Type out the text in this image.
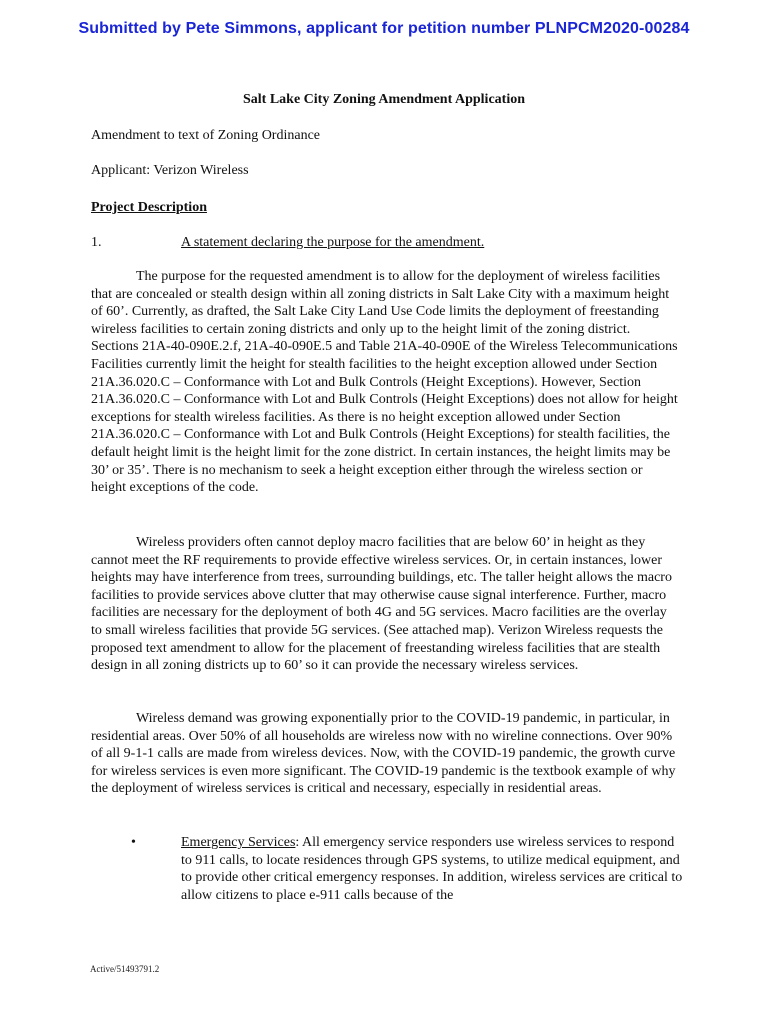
Submitted by Pete Simmons, applicant for petition number PLNPCM2020-00284
Salt Lake City Zoning Amendment Application
Amendment to text of Zoning Ordinance
Applicant: Verizon Wireless
Project Description
1.	A statement declaring the purpose for the amendment.

The purpose for the requested amendment is to allow for the deployment of wireless facilities that are concealed or stealth design within all zoning districts in Salt Lake City with a maximum height of 60’. Currently, as drafted, the Salt Lake City Land Use Code limits the deployment of freestanding wireless facilities to certain zoning districts and only up to the height limit of the zoning district. Sections 21A-40-090E.2.f, 21A-40-090E.5 and Table 21A-40-090E of the Wireless Telecommunications Facilities currently limit the height for stealth facilities to the height exception allowed under Section 21A.36.020.C – Conformance with Lot and Bulk Controls (Height Exceptions). However, Section 21A.36.020.C – Conformance with Lot and Bulk Controls (Height Exceptions) does not allow for height exceptions for stealth wireless facilities. As there is no height exception allowed under Section 21A.36.020.C – Conformance with Lot and Bulk Controls (Height Exceptions) for stealth facilities, the default height limit is the height limit for the zone district. In certain instances, the height limits may be 30’ or 35’. There is no mechanism to seek a height exception either through the wireless section or height exceptions of the code.

Wireless providers often cannot deploy macro facilities that are below 60’ in height as they cannot meet the RF requirements to provide effective wireless services. Or, in certain instances, lower heights may have interference from trees, surrounding buildings, etc. The taller height allows the macro facilities to provide services above clutter that may otherwise cause signal interference. Further, macro facilities are necessary for the deployment of both 4G and 5G services. Macro facilities are the overlay to small wireless facilities that provide 5G services. (See attached map). Verizon Wireless requests the proposed text amendment to allow for the placement of freestanding wireless facilities that are stealth design in all zoning districts up to 60’ so it can provide the necessary wireless services.

Wireless demand was growing exponentially prior to the COVID-19 pandemic, in particular, in residential areas. Over 50% of all households are wireless now with no wireline connections. Over 90% of all 9-1-1 calls are made from wireless devices. Now, with the COVID-19 pandemic, the growth curve for wireless services is even more significant. The COVID-19 pandemic is the textbook example of why the deployment of wireless services is critical and necessary, especially in residential areas.

•	Emergency Services: All emergency service responders use wireless services to respond to 911 calls, to locate residences through GPS systems, to utilize medical equipment, and to provide other critical emergency responses. In addition, wireless services are critical to allow citizens to place e-911 calls because of the
Active/51493791.2
